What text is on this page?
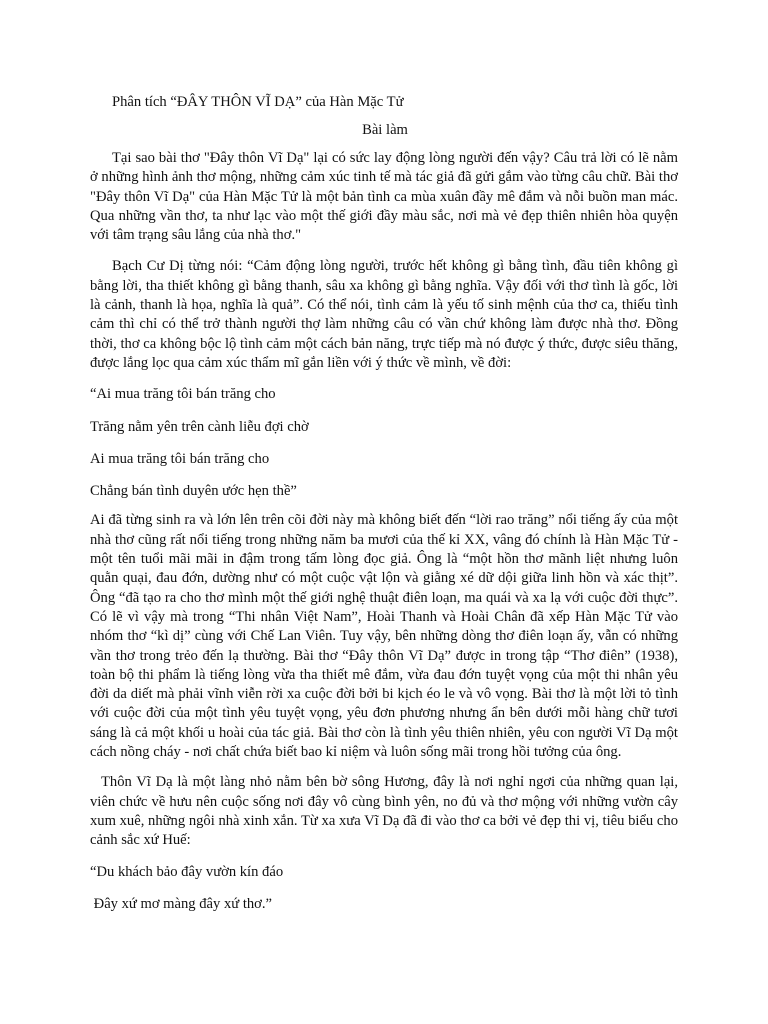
Phân tích “ĐÂY THÔN VĨ DẠ” của Hàn Mặc Tử

Bài làm

Tại sao bài thơ "Đây thôn Vĩ Dạ" lại có sức lay động lòng người đến vậy? Câu trả lời có lẽ nằm ở những hình ảnh thơ mộng, những cảm xúc tinh tế mà tác giả đã gửi gắm vào từng câu chữ. Bài thơ "Đây thôn Vĩ Dạ" của Hàn Mặc Tử là một bản tình ca mùa xuân đầy mê đắm và nỗi buồn man mác. Qua những vần thơ, ta như lạc vào một thế giới đầy màu sắc, nơi mà vẻ đẹp thiên nhiên hòa quyện với tâm trạng sâu lắng của nhà thơ."

Bạch Cư Dị từng nói: “Cảm động lòng người, trước hết không gì bằng tình, đầu tiên không gì bằng lời, tha thiết không gì bằng thanh, sâu xa không gì bằng nghĩa. Vậy đối với thơ tình là gốc, lời là cảnh, thanh là họa, nghĩa là quả”. Có thể nói, tình cảm là yếu tố sinh mệnh của thơ ca, thiếu tình cảm thì chỉ có thể trở thành người thợ làm những câu có vần chứ không làm được nhà thơ. Đồng thời, thơ ca không bộc lộ tình cảm một cách bản năng, trực tiếp mà nó được ý thức, được siêu thăng, được lắng lọc qua cảm xúc thẩm mĩ gắn liền với ý thức về mình, về đời:

“Ai mua trăng tôi bán trăng cho

Trăng nằm yên trên cành liễu đợi chờ

Ai mua trăng tôi bán trăng cho

Chẳng bán tình duyên ước hẹn thề”

Ai đã từng sinh ra và lớn lên trên cõi đời này mà không biết đến “lời rao trăng” nổi tiếng ấy của một nhà thơ cũng rất nổi tiếng trong những năm ba mươi của thế kỉ XX, vâng đó chính là Hàn Mặc Tử - một tên tuổi mãi mãi in đậm trong tấm lòng đọc giả. Ông là “một hồn thơ mãnh liệt nhưng luôn quằn quại, đau đớn, dường như có một cuộc vật lộn và giằng xé dữ dội giữa linh hồn và xác thịt”. Ông “đã tạo ra cho thơ mình một thế giới nghệ thuật điên loạn, ma quái và xa lạ với cuộc đời thực”. Có lẽ vì vậy mà trong “Thi nhân Việt Nam”, Hoài Thanh và Hoài Chân đã xếp Hàn Mặc Tử vào nhóm thơ “kì dị” cùng với Chế Lan Viên. Tuy vậy, bên những dòng thơ điên loạn ấy, vẫn có những vần thơ trong trẻo đến lạ thường. Bài thơ “Đây thôn Vĩ Dạ” được in trong tập “Thơ điên” (1938), toàn bộ thi phẩm là tiếng lòng vừa tha thiết mê đắm, vừa đau đớn tuyệt vọng của một thi nhân yêu đời da diết mà phải vĩnh viễn rời xa cuộc đời bởi bi kịch éo le và vô vọng. Bài thơ là một lời tỏ tình với cuộc đời của một tình yêu tuyệt vọng, yêu đơn phương nhưng ẩn bên dưới mỗi hàng chữ tươi sáng là cả một khối u hoài của tác giả. Bài thơ còn là tình yêu thiên nhiên, yêu con người Vĩ Dạ một cách nồng cháy - nơi chất chứa biết bao kỉ niệm và luôn sống mãi trong hồi tưởng của ông.

Thôn Vĩ Dạ là một làng nhỏ nằm bên bờ sông Hương, đây là nơi nghỉ ngơi của những quan lại, viên chức về hưu nên cuộc sống nơi đây vô cùng bình yên, no đủ và thơ mộng với những vườn cây xum xuê, những ngôi nhà xinh xắn. Từ xa xưa Vĩ Dạ đã đi vào thơ ca bởi vẻ đẹp thi vị, tiêu biểu cho cảnh sắc xứ Huế:

“Du khách bảo đây vườn kín đáo

Đây xứ mơ màng đây xứ thơ.”
